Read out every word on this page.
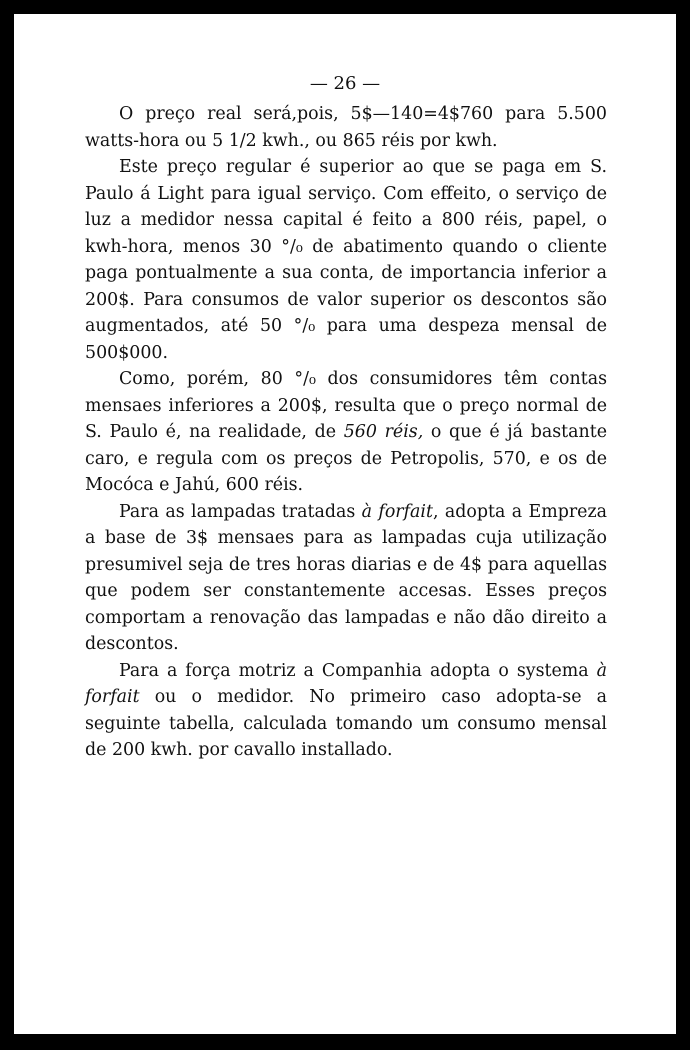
— 26 —

O preço real será,pois, 5$—140=4$760 para 5.500 watts-hora ou 5 1/2 kwh., ou 865 réis por kwh.

Este preço regular é superior ao que se paga em S. Paulo á Light para igual serviço. Com effeito, o serviço de luz a medidor nessa capital é feito a 800 réis, papel, o kwh-hora, menos 30 °/₀ de abatimento quando o cliente paga pontualmente a sua conta, de importancia inferior a 200$. Para consumos de valor superior os descontos são augmentados, até 50 °/₀ para uma despeza mensal de 500$000.

Como, porém, 80 °/₀ dos consumidores têm contas mensaes inferiores a 200$, resulta que o preço normal de S. Paulo é, na realidade, de 560 réis, o que é já bastante caro, e regula com os preços de Petropolis, 570, e os de Mocóca e Jahú, 600 réis.

Para as lampadas tratadas à forfait, adopta a Empreza a base de 3$ mensaes para as lampadas cuja utilização presumivel seja de tres horas diarias e de 4$ para aquellas que podem ser constantemente accesas. Esses preços comportam a renovação das lampadas e não dão direito a descontos.

Para a força motriz a Companhia adopta o systema à forfait ou o medidor. No primeiro caso adopta-se a seguinte tabella, calculada tomando um consumo mensal de 200 kwh. por cavallo installado.
